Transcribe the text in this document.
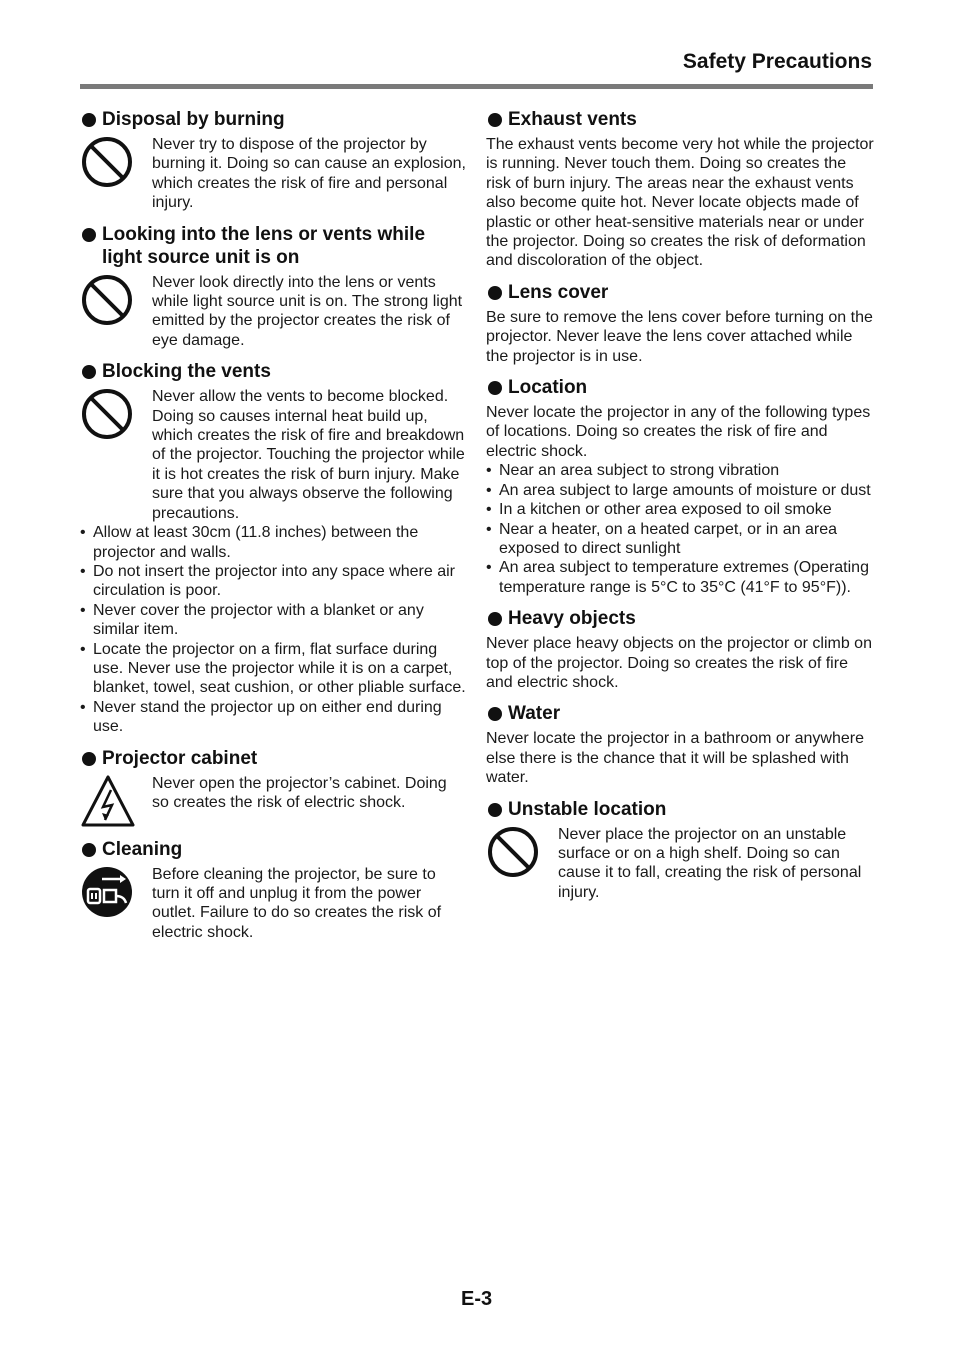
Safety Precautions
Disposal by burning
Never try to dispose of the projector by burning it. Doing so can cause an explosion, which creates the risk of fire and personal injury.
Looking into the lens or vents while light source unit is on
Never look directly into the lens or vents while light source unit is on. The strong light emitted by the projector creates the risk of eye damage.
Blocking the vents
Never allow the vents to become blocked. Doing so causes internal heat build up, which creates the risk of fire and breakdown of the projector. Touching the projector while it is hot creates the risk of burn injury. Make sure that you always observe the following precautions.
• Allow at least 30cm (11.8 inches) between the projector and walls.
• Do not insert the projector into any space where air circulation is poor.
• Never cover the projector with a blanket or any similar item.
• Locate the projector on a firm, flat surface during use. Never use the projector while it is on a carpet, blanket, towel, seat cushion, or other pliable surface.
• Never stand the projector up on either end during use.
Projector cabinet
Never open the projector’s cabinet. Doing so creates the risk of electric shock.
Cleaning
Before cleaning the projector, be sure to turn it off and unplug it from the power outlet. Failure to do so creates the risk of electric shock.
Exhaust vents
The exhaust vents become very hot while the projector is running. Never touch them. Doing so creates the risk of burn injury. The areas near the exhaust vents also become quite hot. Never locate objects made of plastic or other heat-sensitive materials near or under the projector. Doing so creates the risk of deformation and discoloration of the object.
Lens cover
Be sure to remove the lens cover before turning on the projector. Never leave the lens cover attached while the projector is in use.
Location
Never locate the projector in any of the following types of locations. Doing so creates the risk of fire and electric shock.
• Near an area subject to strong vibration
• An area subject to large amounts of moisture or dust
• In a kitchen or other area exposed to oil smoke
• Near a heater, on a heated carpet, or in an area exposed to direct sunlight
• An area subject to temperature extremes (Operating temperature range is 5°C to 35°C (41°F to 95°F)).
Heavy objects
Never place heavy objects on the projector or climb on top of the projector. Doing so creates the risk of fire and electric shock.
Water
Never locate the projector in a bathroom or anywhere else there is the chance that it will be splashed with water.
Unstable location
Never place the projector on an unstable surface or on a high shelf. Doing so can cause it to fall, creating the risk of personal injury.
E-3
